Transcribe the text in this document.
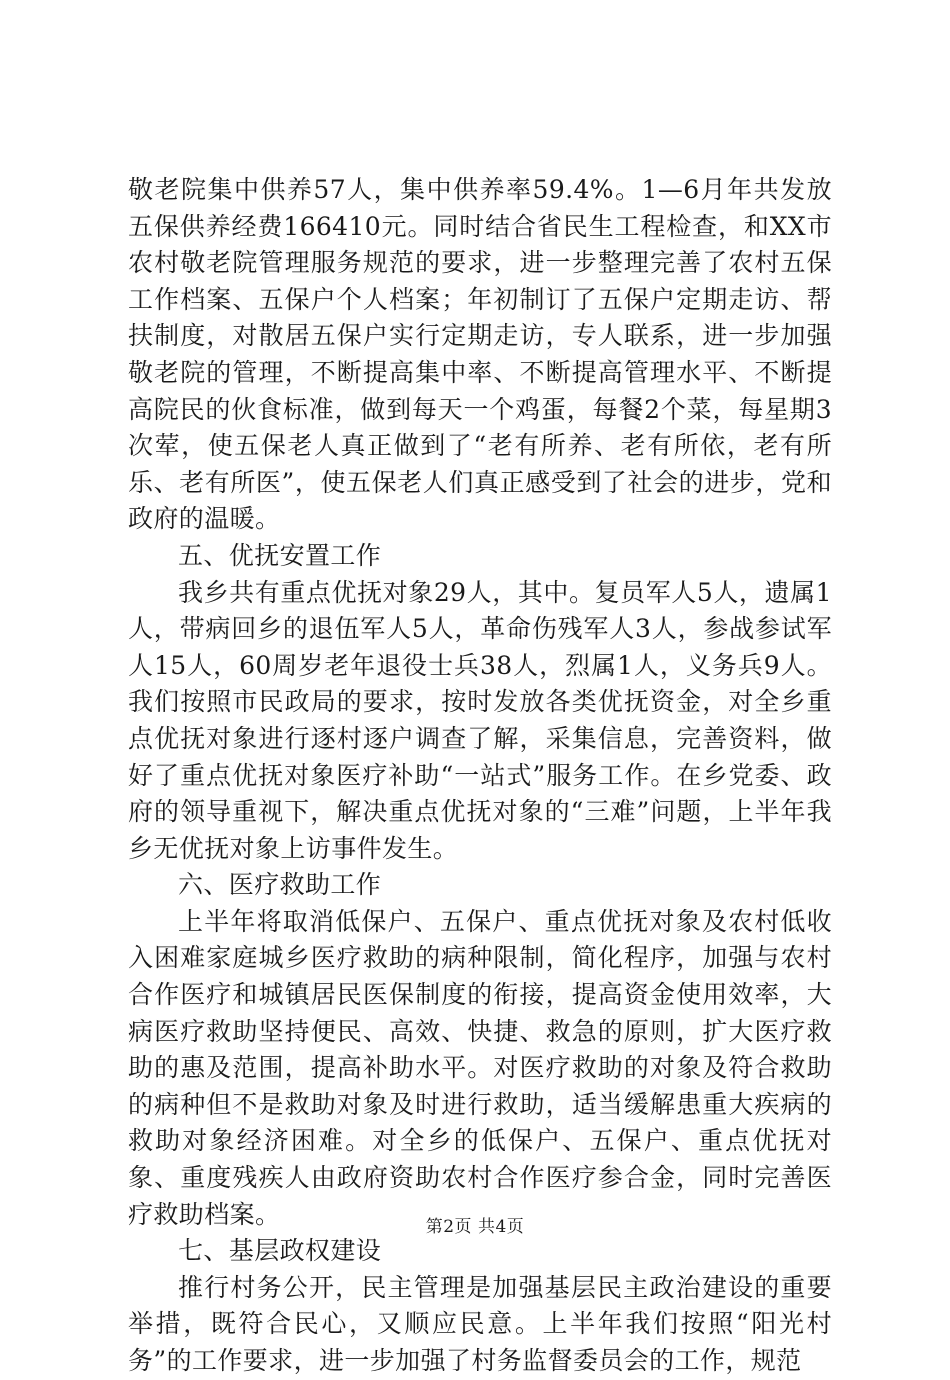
敬老院集中供养57人，集中供养率59.4%。1—6月年共发放五保供养经费166410元。同时结合省民生工程检查，和XX市农村敬老院管理服务规范的要求，进一步整理完善了农村五保工作档案、五保户个人档案；年初制订了五保户定期走访、帮扶制度，对散居五保户实行定期走访，专人联系，进一步加强敬老院的管理，不断提高集中率、不断提高管理水平、不断提高院民的伙食标准，做到每天一个鸡蛋，每餐2个菜，每星期3次荤，使五保老人真正做到了“老有所养、老有所依，老有所乐、老有所医”，使五保老人们真正感受到了社会的进步，党和政府的温暖。

五、优抚安置工作

我乡共有重点优抚对象29人，其中。复员军人5人，遗属1人，带病回乡的退伍军人5人，革命伤残军人3人，参战参试军人15人，60周岁老年退役士兵38人，烈属1人，义务兵9人。我们按照市民政局的要求，按时发放各类优抚资金，对全乡重点优抚对象进行逐村逐户调查了解，采集信息，完善资料，做好了重点优抚对象医疗补助“一站式”服务工作。在乡党委、政府的领导重视下，解决重点优抚对象的“三难”问题，上半年我乡无优抚对象上访事件发生。

六、医疗救助工作

上半年将取消低保户、五保户、重点优抚对象及农村低收入困难家庭城乡医疗救助的病种限制，简化程序，加强与农村合作医疗和城镇居民医保制度的衔接，提高资金使用效率，大病医疗救助坚持便民、高效、快捷、救急的原则，扩大医疗救助的惠及范围，提高补助水平。对医疗救助的对象及符合救助的病种但不是救助对象及时进行救助，适当缓解患重大疾病的救助对象经济困难。对全乡的低保户、五保户、重点优抚对象、重度残疾人由政府资助农村合作医疗参合金，同时完善医疗救助档案。

七、基层政权建设

推行村务公开，民主管理是加强基层民主政治建设的重要举措，既符合民心，又顺应民意。上半年我们按照“阳光村务”的工作要求，进一步加强了村务监督委员会的工作，规范

第2页 共4页
